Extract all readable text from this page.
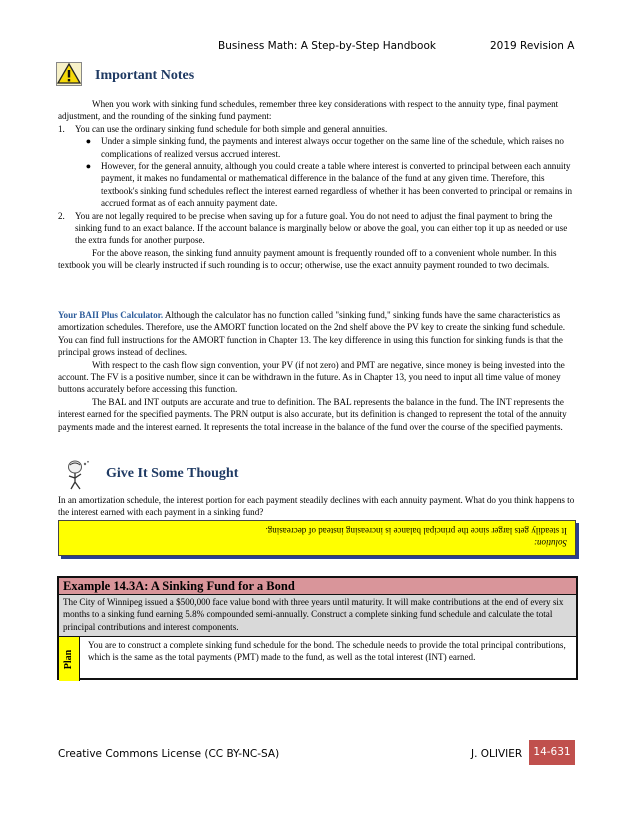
Business Math: A Step-by-Step Handbook	2019 Revision A
Important Notes

When you work with sinking fund schedules, remember three key considerations with respect to the annuity type, final payment adjustment, and the rounding of the sinking fund payment:

1.	You can use the ordinary sinking fund schedule for both simple and general annuities.
●	Under a simple sinking fund, the payments and interest always occur together on the same line of the schedule, which raises no complications of realized versus accrued interest.
●	However, for the general annuity, although you could create a table where interest is converted to principal between each annuity payment, it makes no fundamental or mathematical difference in the balance of the fund at any given time. Therefore, this textbook's sinking fund schedules reflect the interest earned regardless of whether it has been converted to principal or remains in accrued format as of each annuity payment date.
2.	You are not legally required to be precise when saving up for a future goal. You do not need to adjust the final payment to bring the sinking fund to an exact balance. If the account balance is marginally below or above the goal, you can either top it up as needed or use the extra funds for another purpose.

For the above reason, the sinking fund annuity payment amount is frequently rounded off to a convenient whole number. In this textbook you will be clearly instructed if such rounding is to occur; otherwise, use the exact annuity payment rounded to two decimals.

Your BAII Plus Calculator. Although the calculator has no function called "sinking fund," sinking funds have the same characteristics as amortization schedules. Therefore, use the AMORT function located on the 2nd shelf above the PV key to create the sinking fund schedule. You can find full instructions for the AMORT function in Chapter 13. The key difference in using this function for sinking funds is that the principal grows instead of declines.

With respect to the cash flow sign convention, your PV (if not zero) and PMT are negative, since money is being invested into the account. The FV is a positive number, since it can be withdrawn in the future. As in Chapter 13, you need to input all time value of money buttons accurately before accessing this function.

The BAL and INT outputs are accurate and true to definition. The BAL represents the balance in the fund. The INT represents the interest earned for the specified payments. The PRN output is also accurate, but its definition is changed to represent the total of the annuity payments made and the interest earned. It represents the total increase in the balance of the fund over the course of the specified payments.

Give It Some Thought
In an amortization schedule, the interest portion for each payment steadily declines with each annuity payment. What do you think happens to the interest earned with each payment in a sinking fund?
Solution:
It steadily gets larger since the principal balance is increasing instead of decreasing.
Example 14.3A: A Sinking Fund for a Bond
The City of Winnipeg issued a $500,000 face value bond with three years until maturity. It will make contributions at the end of every six months to a sinking fund earning 5.8% compounded semi-annually. Construct a complete sinking fund schedule and calculate the total principal contributions and interest components.
Plan
You are to construct a complete sinking fund schedule for the bond. The schedule needs to provide the total principal contributions, which is the same as the total payments (PMT) made to the fund, as well as the total interest (INT) earned.
Creative Commons License (CC BY-NC-SA)	J. OLIVIER	14-631
